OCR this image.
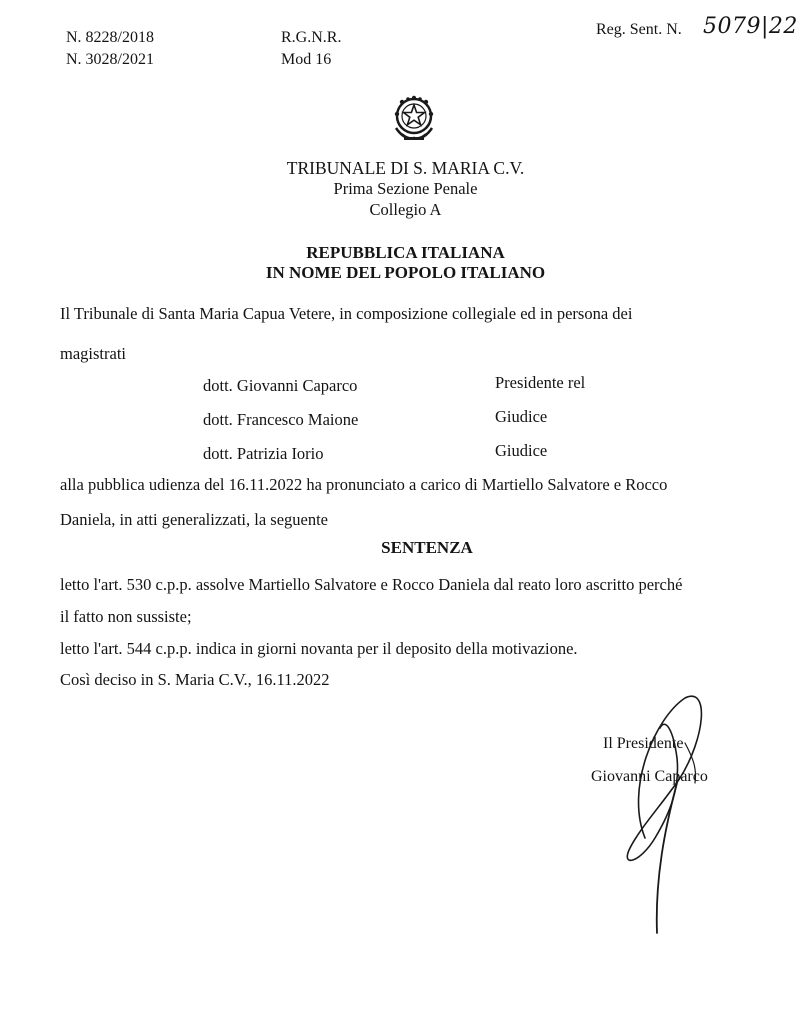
N. 8228/2018
N. 3028/2021
R.G.N.R.
Mod 16
Reg. Sent. N. 5079|22
TRIBUNALE DI S. MARIA C.V.
Prima Sezione Penale
Collegio A
REPUBBLICA ITALIANA
IN NOME DEL POPOLO ITALIANO
Il Tribunale di Santa Maria Capua Vetere, in composizione collegiale ed in persona dei
magistrati
dott. Giovanni Caparco	Presidente rel
dott. Francesco Maione	Giudice
dott. Patrizia Iorio	Giudice
alla pubblica udienza del 16.11.2022 ha pronunciato a carico di Martiello Salvatore e Rocco
Daniela, in atti generalizzati, la seguente
SENTENZA
letto l'art. 530 c.p.p. assolve Martiello Salvatore e Rocco Daniela dal reato loro ascritto perché
il fatto non sussiste;
letto l'art. 544 c.p.p. indica in giorni novanta per il deposito della motivazione.
Così deciso in S. Maria C.V., 16.11.2022
Il Presidente
Giovanni Caparco
